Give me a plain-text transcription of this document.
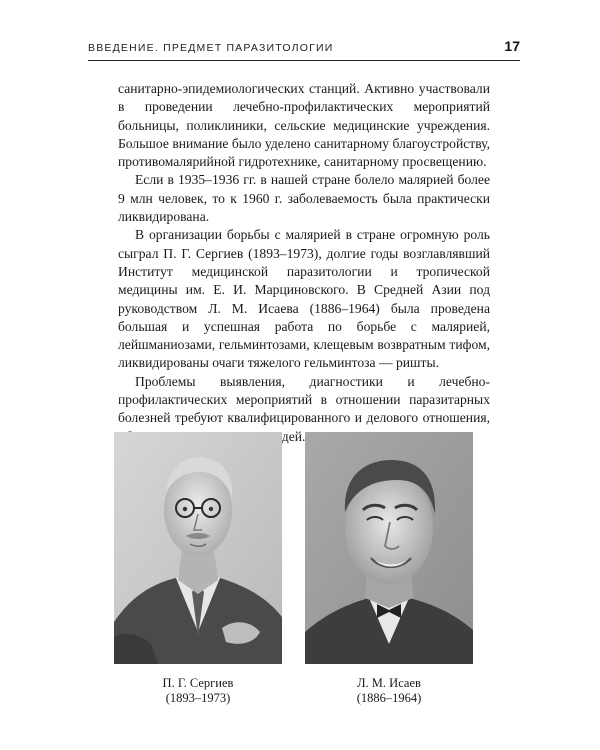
ВВЕДЕНИЕ. ПРЕДМЕТ ПАРАЗИТОЛОГИИ	17

санитарно-эпидемиологических станций. Активно участвовали в проведении лечебно-профилактических мероприятий больницы, поликлиники, сельские медицинские учреждения. Большое внимание было уделено санитарному благоустройству, противомалярийной гидротехнике, санитарному просвещению.

Если в 1935–1936 гг. в нашей стране болело малярией более 9 млн человек, то к 1960 г. заболеваемость была практически ликвидирована.

В организации борьбы с малярией в стране огромную роль сыграл П. Г. Сергиев (1893–1973), долгие годы возглавлявший Институт медицинской паразитологии и тропической медицины им. Е. И. Марциновского. В Средней Азии под руководством Л. М. Исаева (1886–1964) была проведена большая и успешная работа по борьбе с малярией, лейшманиозами, гельминтозами, клещевым возвратным тифом, ликвидированы очаги тяжелого гельминтоза — ришты.

Проблемы выявления, диагностики и лечебно-профилактических мероприятий в отношении паразитарных болезней требуют квалифицированного и делового отношения, людей.

П. Г. Сергиев
(1893–1973)
Л. М. Исаев
(1886–1964)
